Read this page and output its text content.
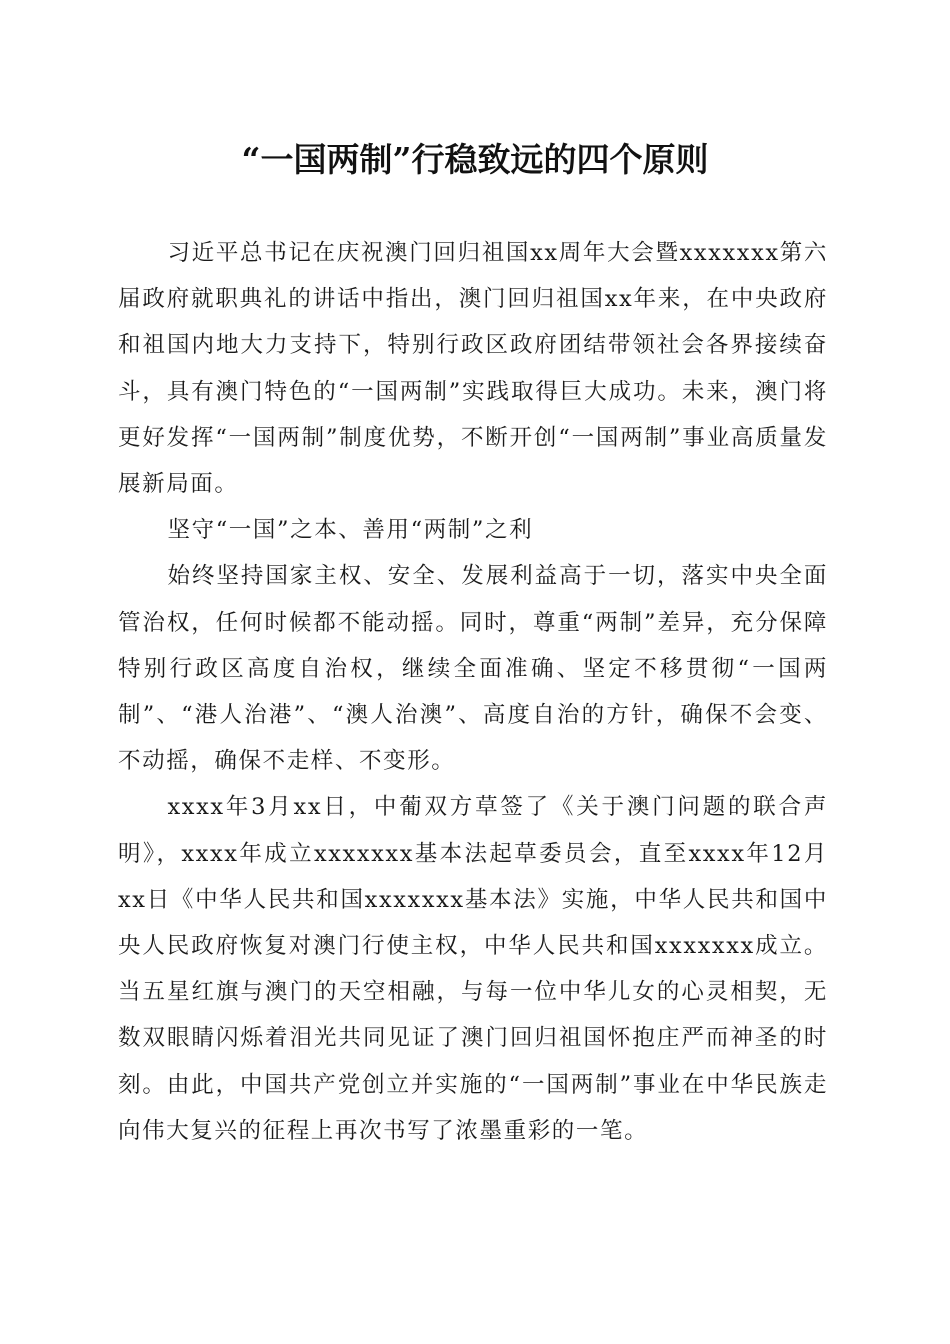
“一国两制”行稳致远的四个原则

习近平总书记在庆祝澳门回归祖国xx周年大会暨xxxxxxx第六届政府就职典礼的讲话中指出，澳门回归祖国xx年来，在中央政府和祖国内地大力支持下，特别行政区政府团结带领社会各界接续奋斗，具有澳门特色的“一国两制”实践取得巨大成功。未来，澳门将更好发挥“一国两制”制度优势，不断开创“一国两制”事业高质量发展新局面。

坚守“一国”之本、善用“两制”之利

始终坚持国家主权、安全、发展利益高于一切，落实中央全面管治权，任何时候都不能动摇。同时，尊重“两制”差异，充分保障特别行政区高度自治权，继续全面准确、坚定不移贯彻“一国两制”、“港人治港”、“澳人治澳”、高度自治的方针，确保不会变、不动摇，确保不走样、不变形。

xxxx年3月xx日，中葡双方草签了《关于澳门问题的联合声明》，xxxx年成立xxxxxxx基本法起草委员会，直至xxxx年12月xx日《中华人民共和国xxxxxxx基本法》实施，中华人民共和国中央人民政府恢复对澳门行使主权，中华人民共和国xxxxxxx成立。当五星红旗与澳门的天空相融，与每一位中华儿女的心灵相契，无数双眼睛闪烁着泪光共同见证了澳门回归祖国怀抱庄严而神圣的时刻。由此，中国共产党创立并实施的“一国两制”事业在中华民族走向伟大复兴的征程上再次书写了浓墨重彩的一笔。
